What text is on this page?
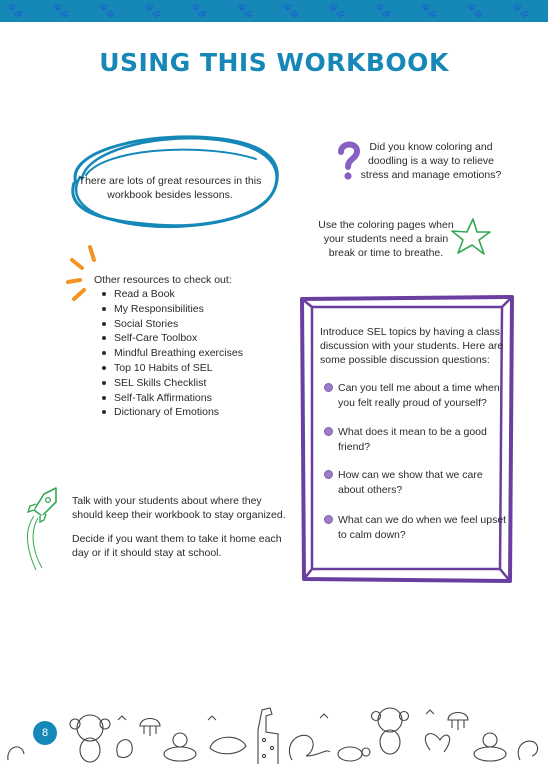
🐾 🐾 🐾 🐾 🐾 🐾 🐾 🐾 🐾 🐾 🐾 🐾
USING THIS WORKBOOK
There are lots of great resources in this
workbook besides lessons.
Did you know coloring and
doodling is a way to relieve
stress and manage emotions?
Use the coloring pages when
your students need a brain
break or time to breathe.
Other resources to check out:
Read a Book
My Responsibilities
Social Stories
Self-Care Toolbox
Mindful Breathing exercises
Top 10 Habits of SEL
SEL Skills Checklist
Self-Talk Affirmations
Dictionary of Emotions
Introduce SEL topics by having a class
discussion with your students. Here are
some possible discussion questions:
Can you tell me about a time when
you felt really proud of yourself?
What does it mean to be a good
friend?
How can we show that we care
about others?
What can we do when we feel upset
to calm down?
Talk with your students about where they
should keep their workbook to stay organized.
Decide if you want them to take it home each
day or if it should stay at school.
8
